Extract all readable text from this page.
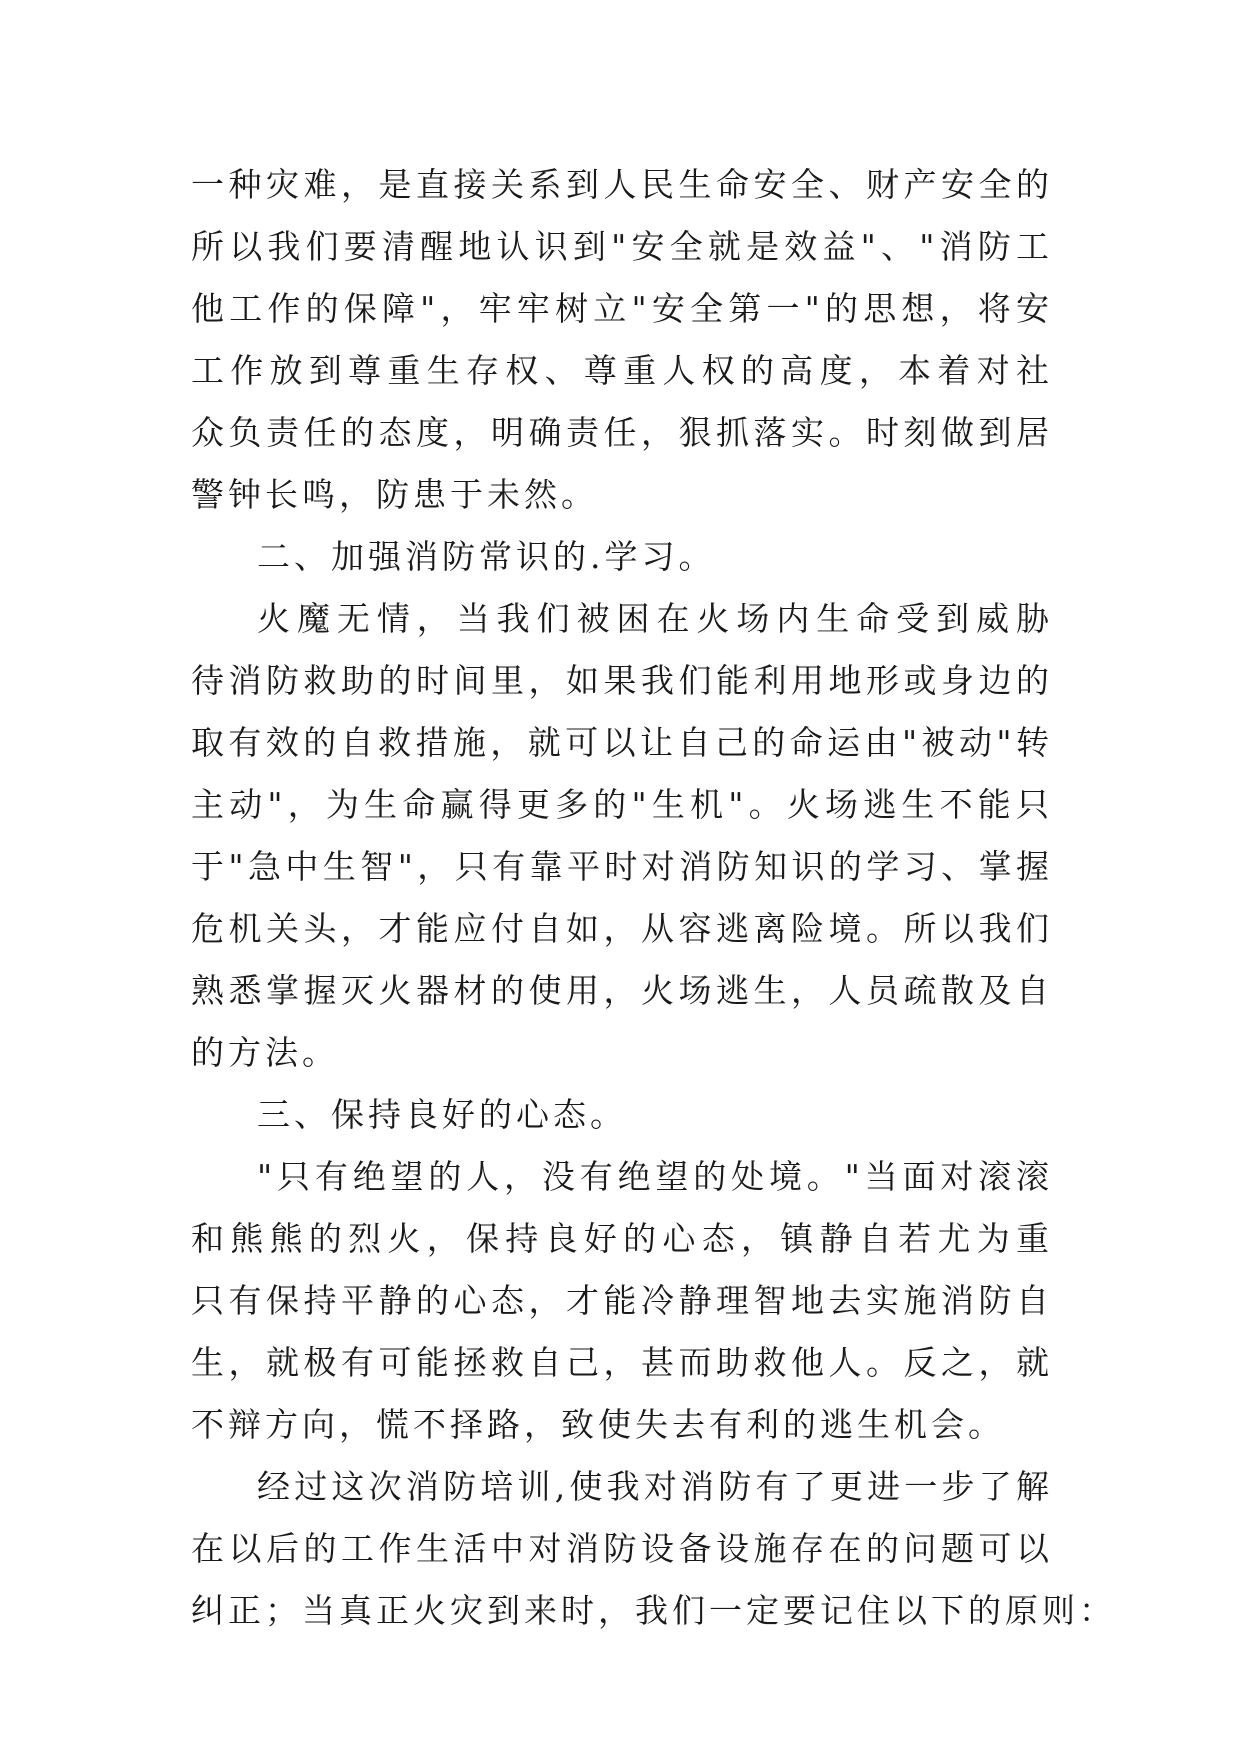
一种灾难，是直接关系到人民生命安全、财产安全的
所以我们要清醒地认识到"安全就是效益"、"消防工
他工作的保障"，牢牢树立"安全第一"的思想，将安
工作放到尊重生存权、尊重人权的高度，本着对社
众负责任的态度，明确责任，狠抓落实。时刻做到居
警钟长鸣，防患于未然。
二、加强消防常识的.学习。
火魔无情，当我们被困在火场内生命受到威胁
待消防救助的时间里，如果我们能利用地形或身边的
取有效的自救措施，就可以让自己的命运由"被动"转
主动"，为生命赢得更多的"生机"。火场逃生不能只
于"急中生智"，只有靠平时对消防知识的学习、掌握
危机关头，才能应付自如，从容逃离险境。所以我们
熟悉掌握灭火器材的使用，火场逃生，人员疏散及自
的方法。
三、保持良好的心态。
"只有绝望的人，没有绝望的处境。"当面对滚滚
和熊熊的烈火，保持良好的心态，镇静自若尤为重
只有保持平静的心态，才能冷静理智地去实施消防自
生，就极有可能拯救自己，甚而助救他人。反之，就
不辩方向，慌不择路，致使失去有利的逃生机会。
经过这次消防培训,使我对消防有了更进一步了解
在以后的工作生活中对消防设备设施存在的问题可以
纠正；当真正火灾到来时，我们一定要记住以下的原则：
